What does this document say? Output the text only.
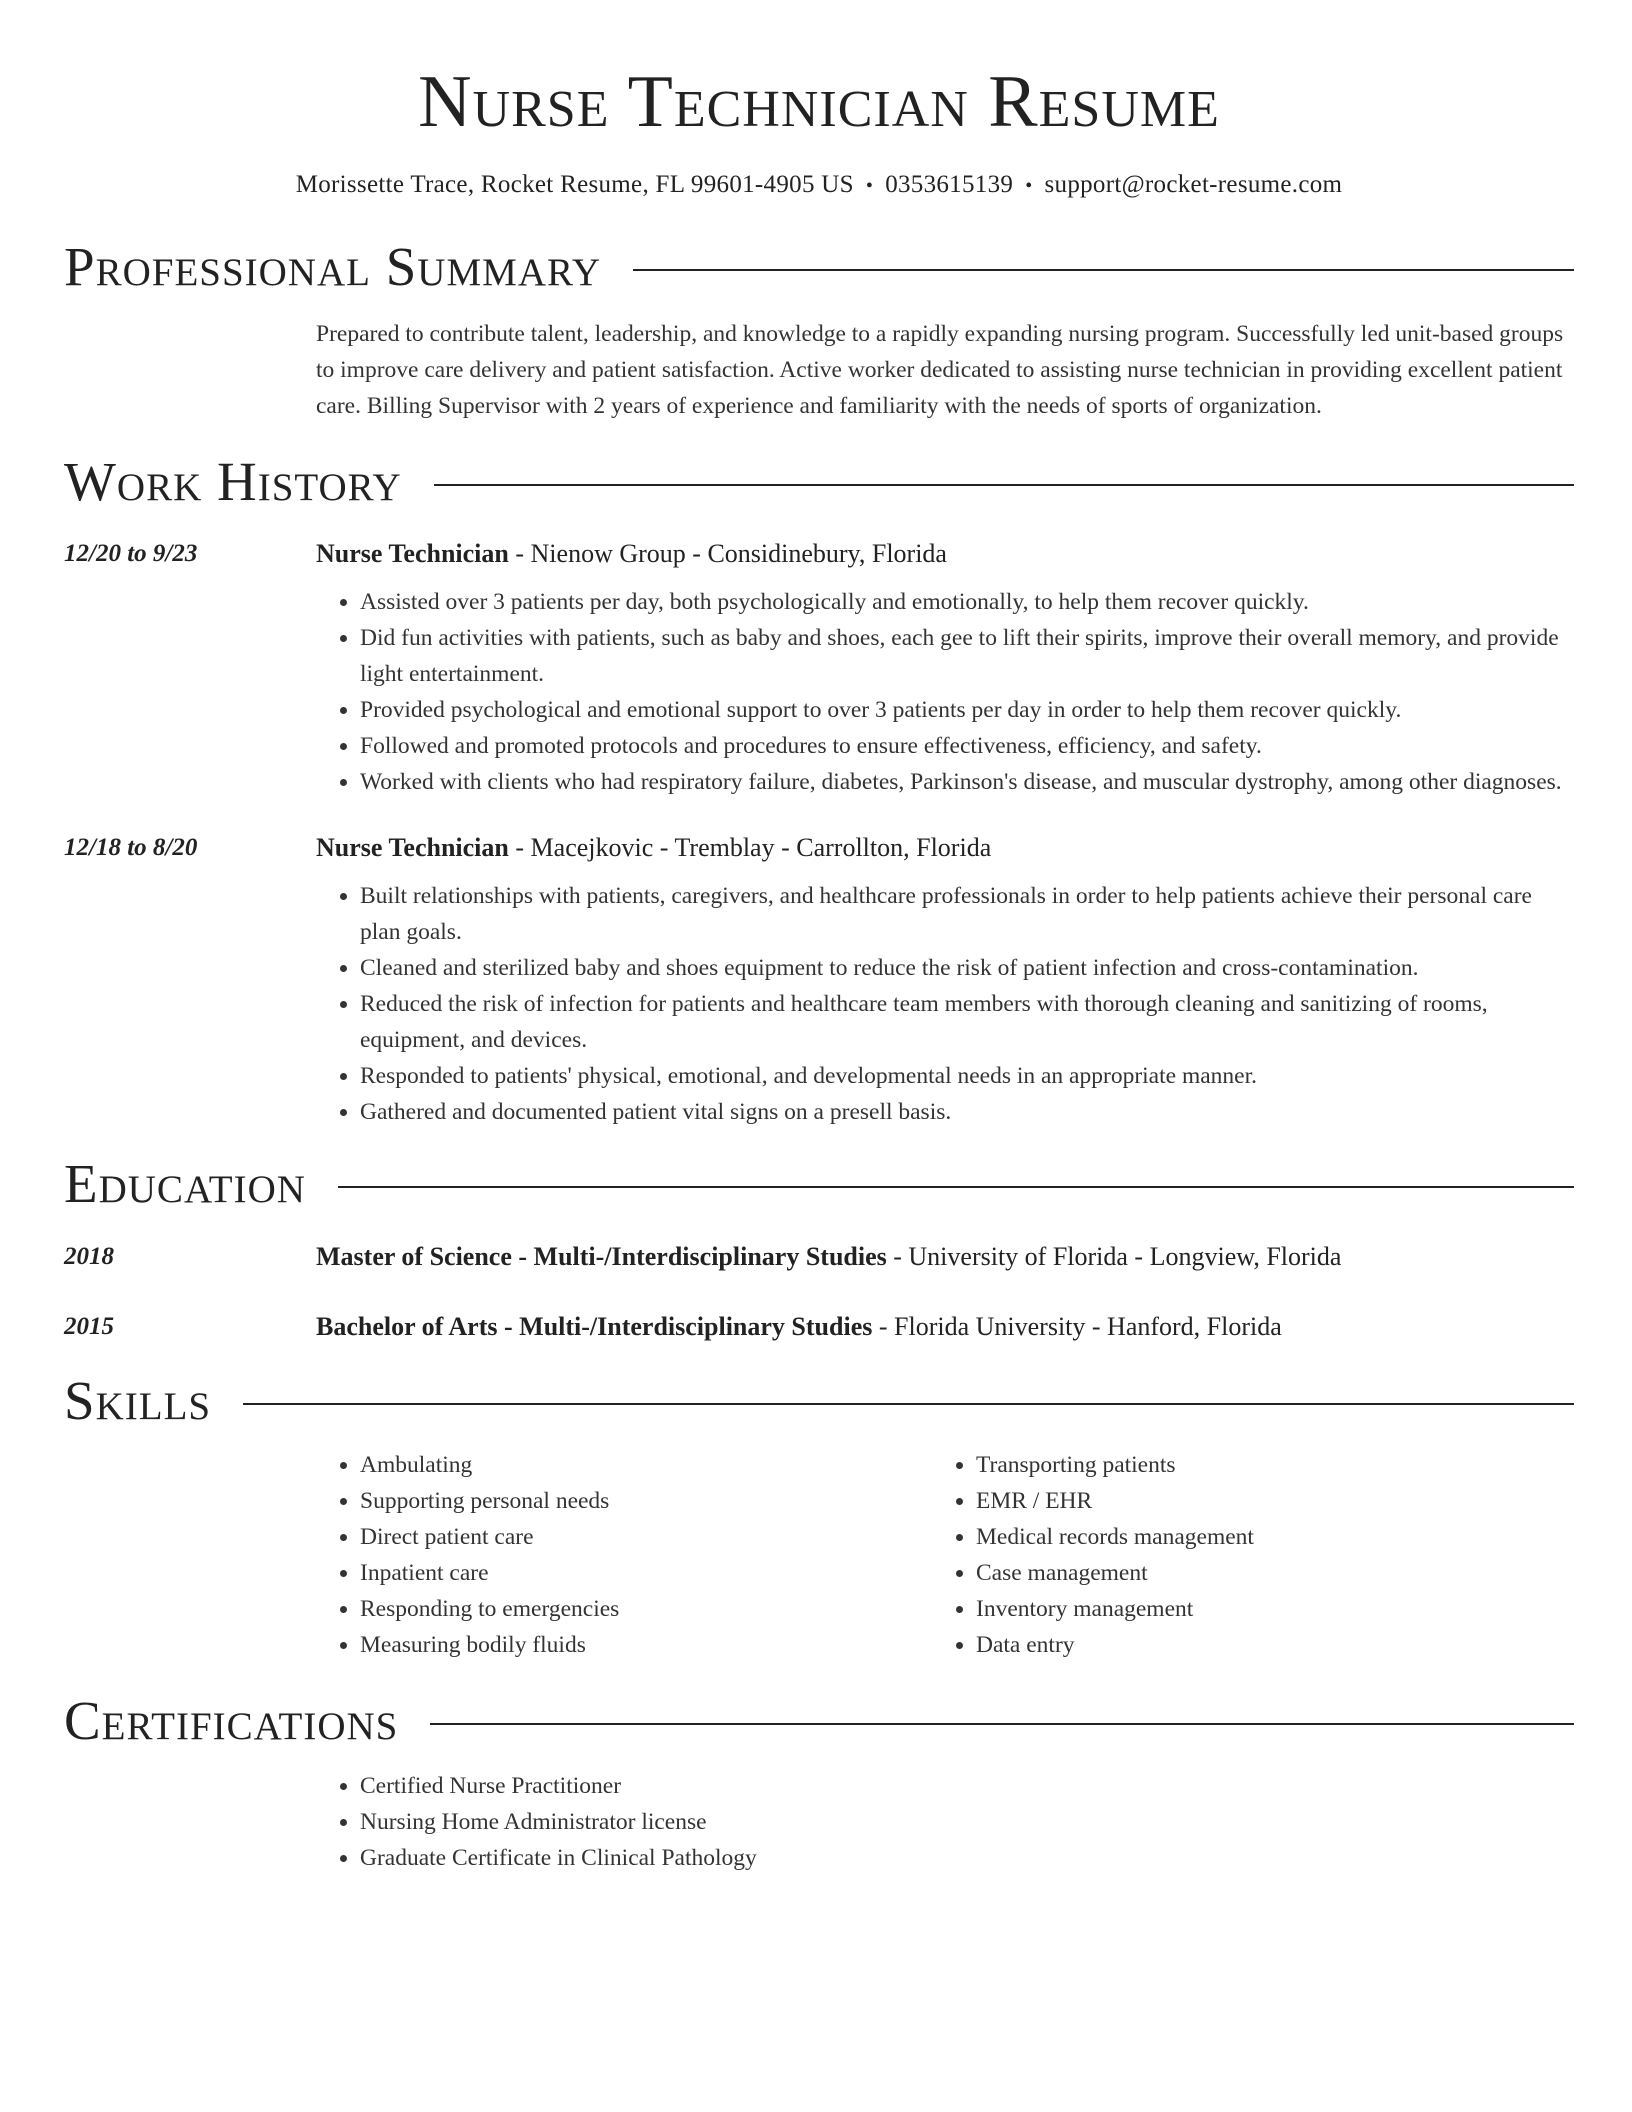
Nurse Technician Resume
Morissette Trace, Rocket Resume, FL 99601-4905 US • 0353615139 • support@rocket-resume.com
Professional Summary
Prepared to contribute talent, leadership, and knowledge to a rapidly expanding nursing program. Successfully led unit-based groups to improve care delivery and patient satisfaction. Active worker dedicated to assisting nurse technician in providing excellent patient care. Billing Supervisor with 2 years of experience and familiarity with the needs of sports of organization.
Work History
12/20 to 9/23	Nurse Technician - Nienow Group - Considinebury, Florida
• Assisted over 3 patients per day, both psychologically and emotionally, to help them recover quickly.
• Did fun activities with patients, such as baby and shoes, each gee to lift their spirits, improve their overall memory, and provide light entertainment.
• Provided psychological and emotional support to over 3 patients per day in order to help them recover quickly.
• Followed and promoted protocols and procedures to ensure effectiveness, efficiency, and safety.
• Worked with clients who had respiratory failure, diabetes, Parkinson's disease, and muscular dystrophy, among other diagnoses.
12/18 to 8/20	Nurse Technician - Macejkovic - Tremblay - Carrollton, Florida
• Built relationships with patients, caregivers, and healthcare professionals in order to help patients achieve their personal care plan goals.
• Cleaned and sterilized baby and shoes equipment to reduce the risk of patient infection and cross-contamination.
• Reduced the risk of infection for patients and healthcare team members with thorough cleaning and sanitizing of rooms, equipment, and devices.
• Responded to patients' physical, emotional, and developmental needs in an appropriate manner.
• Gathered and documented patient vital signs on a presell basis.
Education
2018	Master of Science - Multi-/Interdisciplinary Studies - University of Florida - Longview, Florida
2015	Bachelor of Arts - Multi-/Interdisciplinary Studies - Florida University - Hanford, Florida
Skills
• Ambulating
• Supporting personal needs
• Direct patient care
• Inpatient care
• Responding to emergencies
• Measuring bodily fluids
• Transporting patients
• EMR / EHR
• Medical records management
• Case management
• Inventory management
• Data entry
Certifications
• Certified Nurse Practitioner
• Nursing Home Administrator license
• Graduate Certificate in Clinical Pathology
